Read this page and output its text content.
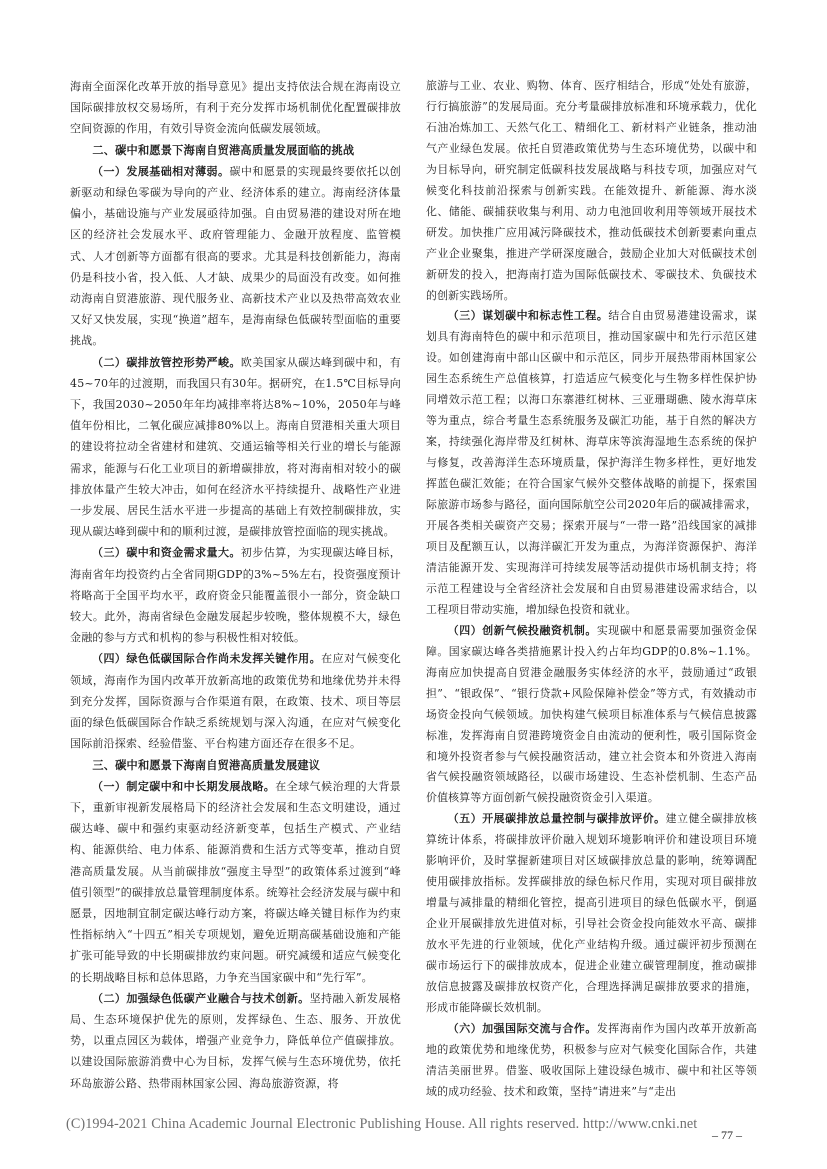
海南全面深化改革开放的指导意见》提出支持依法合规在海南设立国际碳排放权交易场所，有利于充分发挥市场机制优化配置碳排放空间资源的作用，有效引导资金流向低碳发展领域。

二、碳中和愿景下海南自贸港高质量发展面临的挑战

（一）发展基础相对薄弱。碳中和愿景的实现最终要依托以创新驱动和绿色零碳为导向的产业、经济体系的建立。海南经济体量偏小，基础设施与产业发展亟待加强。自由贸易港的建设对所在地区的经济社会发展水平、政府管理能力、金融开放程度、监管模式、人才创新等方面都有很高的要求。尤其是科技创新能力，海南仍是科技小省，投入低、人才缺、成果少的局面没有改变。如何推动海南自贸港旅游、现代服务业、高新技术产业以及热带高效农业又好又快发展，实现“换道”超车，是海南绿色低碳转型面临的重要挑战。

（二）碳排放管控形势严峻。欧美国家从碳达峰到碳中和，有45~70年的过渡期，而我国只有30年。据研究，在1.5℃目标导向下，我国2030~2050年年均减排率将达8%~10%，2050年与峰值年份相比，二氧化碳应减排80%以上。海南自贸港相关重大项目的建设将拉动全省建材和建筑、交通运输等相关行业的增长与能源需求，能源与石化工业项目的新增碳排放，将对海南相对较小的碳排放体量产生较大冲击，如何在经济水平持续提升、战略性产业进一步发展、居民生活水平进一步提高的基础上有效控制碳排放，实现从碳达峰到碳中和的顺利过渡，是碳排放管控面临的现实挑战。

（三）碳中和资金需求量大。初步估算，为实现碳达峰目标，海南省年均投资约占全省同期GDP的3%~5%左右，投资强度预计将略高于全国平均水平，政府资金只能覆盖很小一部分，资金缺口较大。此外，海南省绿色金融发展起步较晚，整体规模不大，绿色金融的参与方式和机构的参与积极性相对较低。

（四）绿色低碳国际合作尚未发挥关键作用。在应对气候变化领域，海南作为国内改革开放新高地的政策优势和地缘优势并未得到充分发挥，国际资源与合作渠道有限，在政策、技术、项目等层面的绿色低碳国际合作缺乏系统规划与深入沟通，在应对气候变化国际前沿探索、经验借鉴、平台构建方面还存在很多不足。

三、碳中和愿景下海南自贸港高质量发展建议

（一）制定碳中和中长期发展战略。在全球气候治理的大背景下，重新审视新发展格局下的经济社会发展和生态文明建设，通过碳达峰、碳中和强约束驱动经济新变革，包括生产模式、产业结构、能源供给、电力体系、能源消费和生活方式等变革，推动自贸港高质量发展。从当前碳排放“强度主导型”的政策体系过渡到“峰值引领型”的碳排放总量管理制度体系。统筹社会经济发展与碳中和愿景，因地制宜制定碳达峰行动方案，将碳达峰关键目标作为约束性指标纳入“十四五”相关专项规划，避免近期高碳基础设施和产能扩张可能导致的中长期碳排放约束问题。研究减缓和适应气候变化的长期战略目标和总体思路，力争充当国家碳中和“先行军”。

（二）加强绿色低碳产业融合与技术创新。坚持融入新发展格局、生态环境保护优先的原则，发挥绿色、生态、服务、开放优势，以重点园区为载体，增强产业竞争力，降低单位产值碳排放。以建设国际旅游消费中心为目标，发挥气候与生态环境优势，依托环岛旅游公路、热带雨林国家公园、海岛旅游资源，将

旅游与工业、农业、购物、体育、医疗相结合，形成“处处有旅游，行行搞旅游”的发展局面。充分考量碳排放标准和环境承载力，优化石油冶炼加工、天然气化工、精细化工、新材料产业链条，推动油气产业绿色发展。依托自贸港政策优势与生态环境优势，以碳中和为目标导向，研究制定低碳科技发展战略与科技专项，加强应对气候变化科技前沿探索与创新实践。在能效提升、新能源、海水淡化、储能、碳捕获收集与利用、动力电池回收利用等领域开展技术研发。加快推广应用减污降碳技术，推动低碳技术创新要素向重点产业企业聚集，推进产学研深度融合，鼓励企业加大对低碳技术创新研发的投入，把海南打造为国际低碳技术、零碳技术、负碳技术的创新实践场所。

（三）谋划碳中和标志性工程。结合自由贸易港建设需求，谋划具有海南特色的碳中和示范项目，推动国家碳中和先行示范区建设。如创建海南中部山区碳中和示范区，同步开展热带雨林国家公园生态系统生产总值核算，打造适应气候变化与生物多样性保护协同增效示范工程；以海口东寨港红树林、三亚珊瑚礁、陵水海草床等为重点，综合考量生态系统服务及碳汇功能，基于自然的解决方案，持续强化海岸带及红树林、海草床等滨海湿地生态系统的保护与修复，改善海洋生态环境质量，保护海洋生物多样性，更好地发挥蓝色碳汇效能；在符合国家气候外交整体战略的前提下，探索国际旅游市场参与路径，面向国际航空公司2020年后的碳减排需求，开展各类相关碳资产交易；探索开展与“一带一路”沿线国家的减排项目及配额互认，以海洋碳汇开发为重点，为海洋资源保护、海洋清洁能源开发、实现海洋可持续发展等活动提供市场机制支持；将示范工程建设与全省经济社会发展和自由贸易港建设需求结合，以工程项目带动实施，增加绿色投资和就业。

（四）创新气候投融资机制。实现碳中和愿景需要加强资金保障。国家碳达峰各类措施累计投入约占年均GDP的0.8%~1.1%。海南应加快提高自贸港金融服务实体经济的水平，鼓励通过“政银担”、“银政保”、“银行贷款+风险保障补偿金”等方式，有效撬动市场资金投向气候领域。加快构建气候项目标准体系与气候信息披露标准，发挥海南自贸港跨境资金自由流动的便利性，吸引国际资金和境外投资者参与气候投融资活动，建立社会资本和外资进入海南省气候投融资领域路径，以碳市场建设、生态补偿机制、生态产品价值核算等方面创新气候投融资资金引入渠道。

（五）开展碳排放总量控制与碳排放评价。建立健全碳排放核算统计体系，将碳排放评价融入规划环境影响评价和建设项目环境影响评价，及时掌握新建项目对区域碳排放总量的影响，统筹调配使用碳排放指标。发挥碳排放的绿色标尺作用，实现对项目碳排放增量与减排量的精细化管控，提高引进项目的绿色低碳水平，倒逼企业开展碳排放先进值对标，引导社会资金投向能效水平高、碳排放水平先进的行业领域，优化产业结构升级。通过碳评初步预测在碳市场运行下的碳排放成本，促进企业建立碳管理制度，推动碳排放信息披露及碳排放权资产化，合理选择满足碳排放要求的措施，形成市能降碳长效机制。

（六）加强国际交流与合作。发挥海南作为国内改革开放新高地的政策优势和地缘优势，积极参与应对气候变化国际合作，共建清洁美丽世界。借鉴、吸收国际上建设绿色城市、碳中和社区等领域的成功经验、技术和政策，坚持“请进来”与“走出

(C)1994-2021 China Academic Journal Electronic Publishing House. All rights reserved. http://www.cnki.net
– 77 –
